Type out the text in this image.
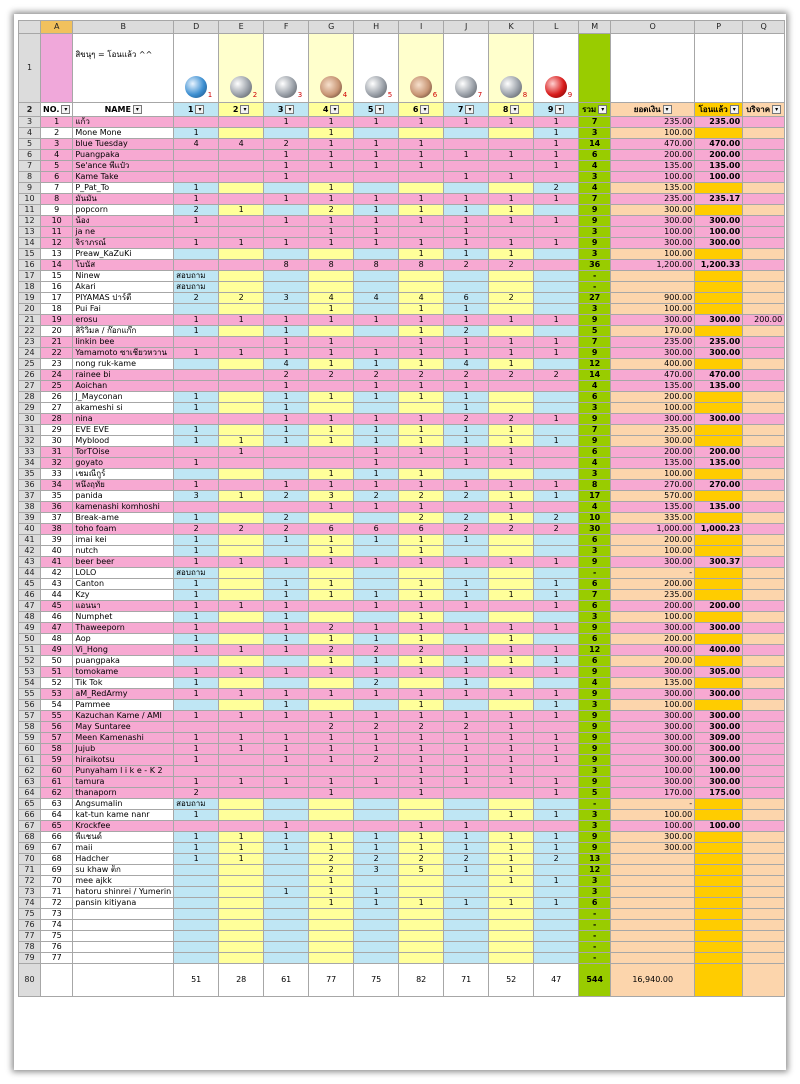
	A	B	D	E	F	G	H	I	J	K	L	M	O	P	Q
1		สิขนุๆ = โอนแล้ว ^^	1	2	3	4	5	6	7	8	9				

2	NO. ▾	NAME ▾	1 ▾	2 ▾	3 ▾	4 ▾	5 ▾	6 ▾	7 ▾	8 ▾	9 ▾	รวม ▾	ยอดเงิน ▾	โอนแล้ว ▾	บริจาค ▾
3	1	แก้ว			1	1	1	1	1	1	1	7	235.00	235.00	
4	2	Mone Mone	1			1					1	3	100.00		
5	3	blue Tuesday	4	4	2	1	1	1			1	14	470.00	470.00	
6	4	Puangpaka			1	1	1	1	1	1	1	6	200.00	200.00	
7	5	Se'ance พี่แป๋ว			1	1	1	1			1	4	135.00	135.00	
8	6	Kame Take			1				1	1		3	100.00	100.00	
9	7	P_Pat_To	1			1					2	4	135.00		
10	8	มันมัน	1		1	1	1	1	1	1	1	7	235.00	235.17	
11	9	popcorn	2	1		2	1	1	1	1		9	300.00		
12	10	น้อง	1		1	1	1	1	1	1	1	9	300.00	300.00	
13	11	ja ne				1	1		1			3	100.00	100.00	
14	12	จิราภรณ์	1	1	1	1	1	1	1	1	1	9	300.00	300.00	
15	13	Preaw_KaZuKi						1	1	1		3	100.00		
16	14	โบนัส			8	8	8	8	2	2		36	1,200.00	1,200.33	
17	15	Ninew	สอบถาม									-			
18	16	Akari	สอบถาม									-			
19	17	PIYAMAS ปาร์ตี้	2	2	3	4	4	4	6	2		27	900.00		
20	18	Pui Fai				1		1	1			3	100.00		
21	19	erosu	1	1	1	1	1	1	1	1	1	9	300.00	300.00	200.00
22	20	สิริวิมล / ก๊อกแก๊ก	1		1			1	2			5	170.00		
23	21	linkin bee			1	1		1	1	1	1	7	235.00	235.00	
24	22	Yamamoto ซาเชียวหวาน	1	1	1	1	1	1	1	1	1	9	300.00	300.00	
25	23	nong ruk-kame			4	1	1	1	4	1		12	400.00		
26	24	rainee bi			2	2	2	2	2	2	2	14	470.00	470.00	
27	25	Aoichan			1		1	1	1			4	135.00	135.00	
28	26	J_Mayconan	1		1	1	1	1	1			6	200.00		
29	27	akameshi si	1		1				1			3	100.00		
30	28	nina			1	1	1	1	2	2	1	9	300.00	300.00	
31	29	EVE EVE	1		1	1	1	1	1	1		7	235.00		
32	30	Myblood	1	1	1	1	1	1	1	1	1	9	300.00		
33	31	TorTOise		1			1	1	1	1		6	200.00	200.00	
34	32	goyato	1				1		1	1		4	135.00	135.00	
35	33	เชมณีกูร์				1	1	1				3	100.00		
36	34	หนึ่งฤทัย	1		1	1	1	1	1	1	1	8	270.00	270.00	
37	35	panida	3	1	2	3	2	2	2	1	1	17	570.00		
38	36	kamenashi komhoshi				1	1	1		1		4	135.00	135.00	
39	37	Break-ame	1		2			2	2	1	2	10	335.00		
40	38	toho foam	2	2	2	6	6	6	2	2	2	30	1,000.00	1,000.23	
41	39	imai kei	1		1	1	1	1	1			6	200.00		
42	40	nutch	1			1		1				3	100.00		
43	41	beer beer	1	1	1	1	1	1	1	1	1	9	300.00	300.37	
44	42	LOLO	สอบถาม									-	-		
45	43	Canton	1		1	1		1	1		1	6	200.00		
46	44	Kzy	1		1	1	1	1	1	1	1	7	235.00		
47	45	แอนนา	1	1	1		1	1	1		1	6	200.00	200.00	
48	46	Numphet	1		1			1				3	100.00		
49	47	Thaweeporn	1		1	2	1	1	1	1	1	9	300.00	300.00	
50	48	Aop	1		1	1	1	1		1		6	200.00		
51	49	Vi_Hong	1	1	1	2	2	2	1	1	1	12	400.00	400.00	
52	50	puangpaka				1	1	1	1	1	1	6	200.00		
53	51	tomokame	1	1	1	1	1	1	1	1	1	9	300.00	305.00	
54	52	Tik Tok	1				2		1			4	135.00		
55	53	aM_RedArmy	1	1	1	1	1	1	1	1	1	9	300.00	300.00	
56	54	Pammee			1			1			1	3	100.00		
57	55	Kazuchan Kame / AMI	1	1	1	1	1	1	1	1	1	9	300.00	300.00	
58	56	May Suntaree				2	2	2	2	1		9	300.00	300.00	
59	57	Meen Kamenashi	1	1	1	1	1	1	1	1	1	9	300.00	309.00	
60	58	Jujub	1	1	1	1	1	1	1	1	1	9	300.00	300.00	
61	59	hiraikotsu	1		1	1	2	1	1	1	1	9	300.00	300.00	
62	60	Punyaham l i k e - K 2						1	1	1		3	100.00	100.00	
63	61	tamura	1	1	1	1	1	1	1	1	1	9	300.00	300.00	
64	62	thanaporn	2			1		1			1	5	170.00	175.00	
65	63	Angsumalin	สอบถาม									-	-		
66	64	kat-tun kame nanr	1							1	1	3	100.00		
67	65	Krockfee			1			1	1			3	100.00	100.00	
68	66	พี่แชนด์	1	1	1	1	1	1	1	1	1	9	300.00		
69	67	maii	1	1	1	1	1	1	1	1	1	9	300.00		
70	68	Hadcher	1	1		2	2	2	2	1	2	13			
71	69	su khaw ต็ก				2	3	5	1	1		12			
72	70	mee ajkk				1				1	1	3			
73	71	hatoru shinrei / Yumerin			1	1	1					3			
74	72	pansin kitiyana				1	1	1	1	1	1	6			
75	73											-			
76	74											-			
77	75											-			
78	76											-			
79	77											-			
80			51	28	61	77	75	82	71	52	47	544	16,940.00		
